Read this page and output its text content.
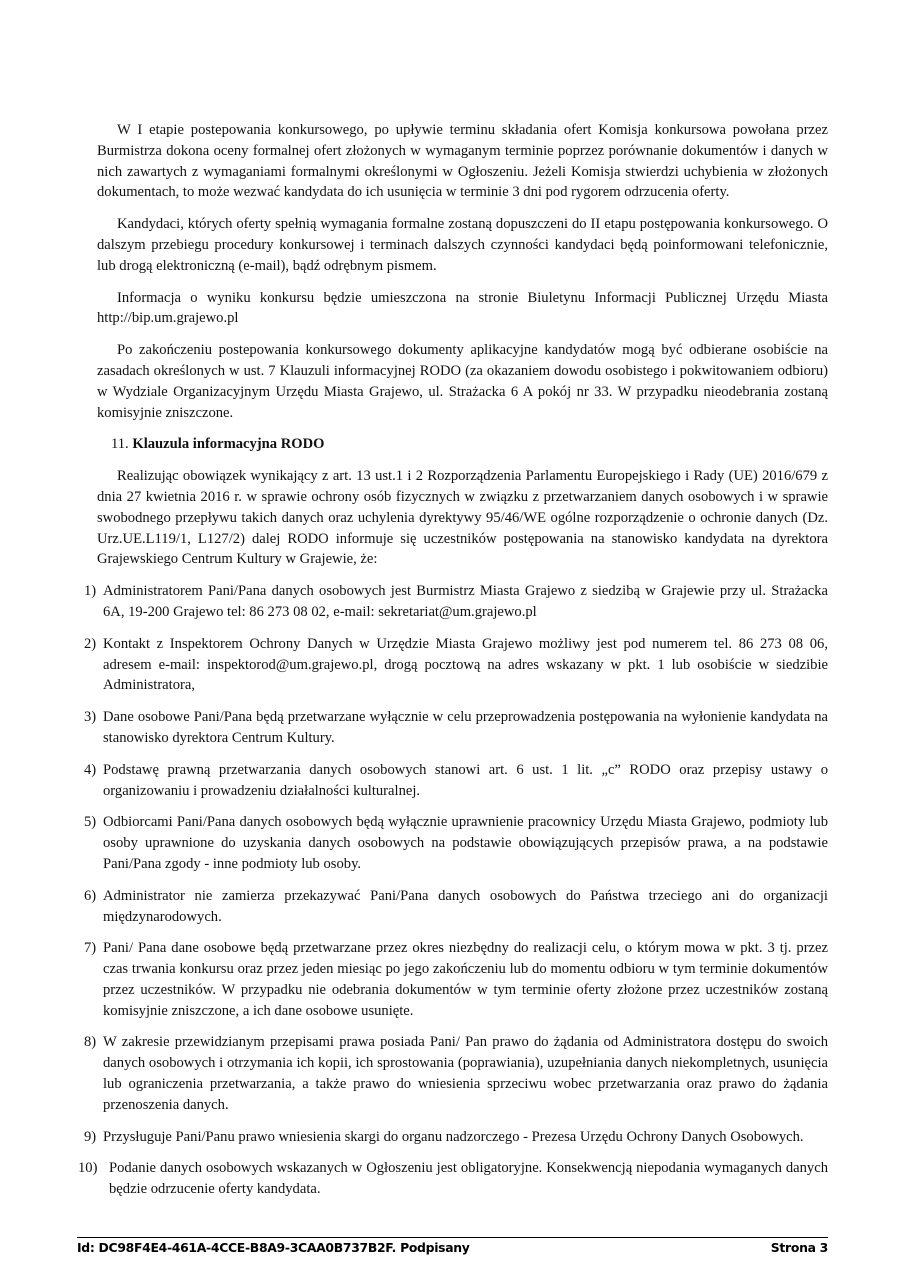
W I etapie postepowania konkursowego, po upływie terminu składania ofert Komisja konkursowa powołana przez Burmistrza dokona oceny formalnej ofert złożonych w wymaganym terminie poprzez porównanie dokumentów i danych w nich zawartych z wymaganiami formalnymi określonymi w Ogłoszeniu. Jeżeli Komisja stwierdzi uchybienia w złożonych dokumentach, to może wezwać kandydata do ich usunięcia w terminie 3 dni pod rygorem odrzucenia oferty.

Kandydaci, których oferty spełnią wymagania formalne zostaną dopuszczeni do II etapu postępowania konkursowego. O dalszym przebiegu procedury konkursowej i terminach dalszych czynności kandydaci będą poinformowani telefonicznie, lub drogą elektroniczną (e-mail), bądź odrębnym pismem.

Informacja o wyniku konkursu będzie umieszczona na stronie Biuletynu Informacji Publicznej Urzędu Miasta http://bip.um.grajewo.pl

Po zakończeniu postepowania konkursowego dokumenty aplikacyjne kandydatów mogą być odbierane osobiście na zasadach określonych w ust. 7 Klauzuli informacyjnej RODO (za okazaniem dowodu osobistego i pokwitowaniem odbioru) w Wydziale Organizacyjnym Urzędu Miasta Grajewo, ul. Strażacka 6 A pokój nr 33. W przypadku nieodebrania zostaną komisyjnie zniszczone.

11. Klauzula informacyjna RODO

Realizując obowiązek wynikający z art. 13 ust.1 i 2 Rozporządzenia Parlamentu Europejskiego i Rady (UE) 2016/679 z dnia 27 kwietnia 2016 r. w sprawie ochrony osób fizycznych w związku z przetwarzaniem danych osobowych i w sprawie swobodnego przepływu takich danych oraz uchylenia dyrektywy 95/46/WE ogólne rozporządzenie o ochronie danych (Dz. Urz.UE.L119/1, L127/2) dalej RODO informuje się uczestników postępowania na stanowisko kandydata na dyrektora Grajewskiego Centrum Kultury w Grajewie, że:

1) Administratorem Pani/Pana danych osobowych jest Burmistrz Miasta Grajewo z siedzibą w Grajewie przy ul. Strażacka 6A, 19-200 Grajewo tel: 86 273 08 02, e-mail: sekretariat@um.grajewo.pl
2) Kontakt z Inspektorem Ochrony Danych w Urzędzie Miasta Grajewo możliwy jest pod numerem tel. 86 273 08 06, adresem e-mail: inspektorod@um.grajewo.pl, drogą pocztową na adres wskazany w pkt. 1 lub osobiście w siedzibie Administratora,
3) Dane osobowe Pani/Pana będą przetwarzane wyłącznie w celu przeprowadzenia postępowania na wyłonienie kandydata na stanowisko dyrektora Centrum Kultury.
4) Podstawę prawną przetwarzania danych osobowych stanowi art. 6 ust. 1 lit. „c” RODO oraz przepisy ustawy o organizowaniu i prowadzeniu działalności kulturalnej.
5) Odbiorcami Pani/Pana danych osobowych będą wyłącznie uprawnienie pracownicy Urzędu Miasta Grajewo, podmioty lub osoby uprawnione do uzyskania danych osobowych na podstawie obowiązujących przepisów prawa, a na podstawie Pani/Pana zgody - inne podmioty lub osoby.
6) Administrator nie zamierza przekazywać Pani/Pana danych osobowych do Państwa trzeciego ani do organizacji międzynarodowych.
7) Pani/ Pana dane osobowe będą przetwarzane przez okres niezbędny do realizacji celu, o którym mowa w pkt. 3 tj. przez czas trwania konkursu oraz przez jeden miesiąc po jego zakończeniu lub do momentu odbioru w tym terminie dokumentów przez uczestników. W przypadku nie odebrania dokumentów w tym terminie oferty złożone przez uczestników zostaną komisyjnie zniszczone, a ich dane osobowe usunięte.
8) W zakresie przewidzianym przepisami prawa posiada Pani/ Pan prawo do żądania od Administratora dostępu do swoich danych osobowych i otrzymania ich kopii, ich sprostowania (poprawiania), uzupełniania danych niekompletnych, usunięcia lub ograniczenia przetwarzania, a także prawo do wniesienia sprzeciwu wobec przetwarzania oraz prawo do żądania przenoszenia danych.
9) Przysługuje Pani/Panu prawo wniesienia skargi do organu nadzorczego - Prezesa Urzędu Ochrony Danych Osobowych.
10) Podanie danych osobowych wskazanych w Ogłoszeniu jest obligatoryjne. Konsekwencją niepodania wymaganych danych będzie odrzucenie oferty kandydata.
Id: DC98F4E4-461A-4CCE-B8A9-3CAA0B737B2F. Podpisany	Strona 3
